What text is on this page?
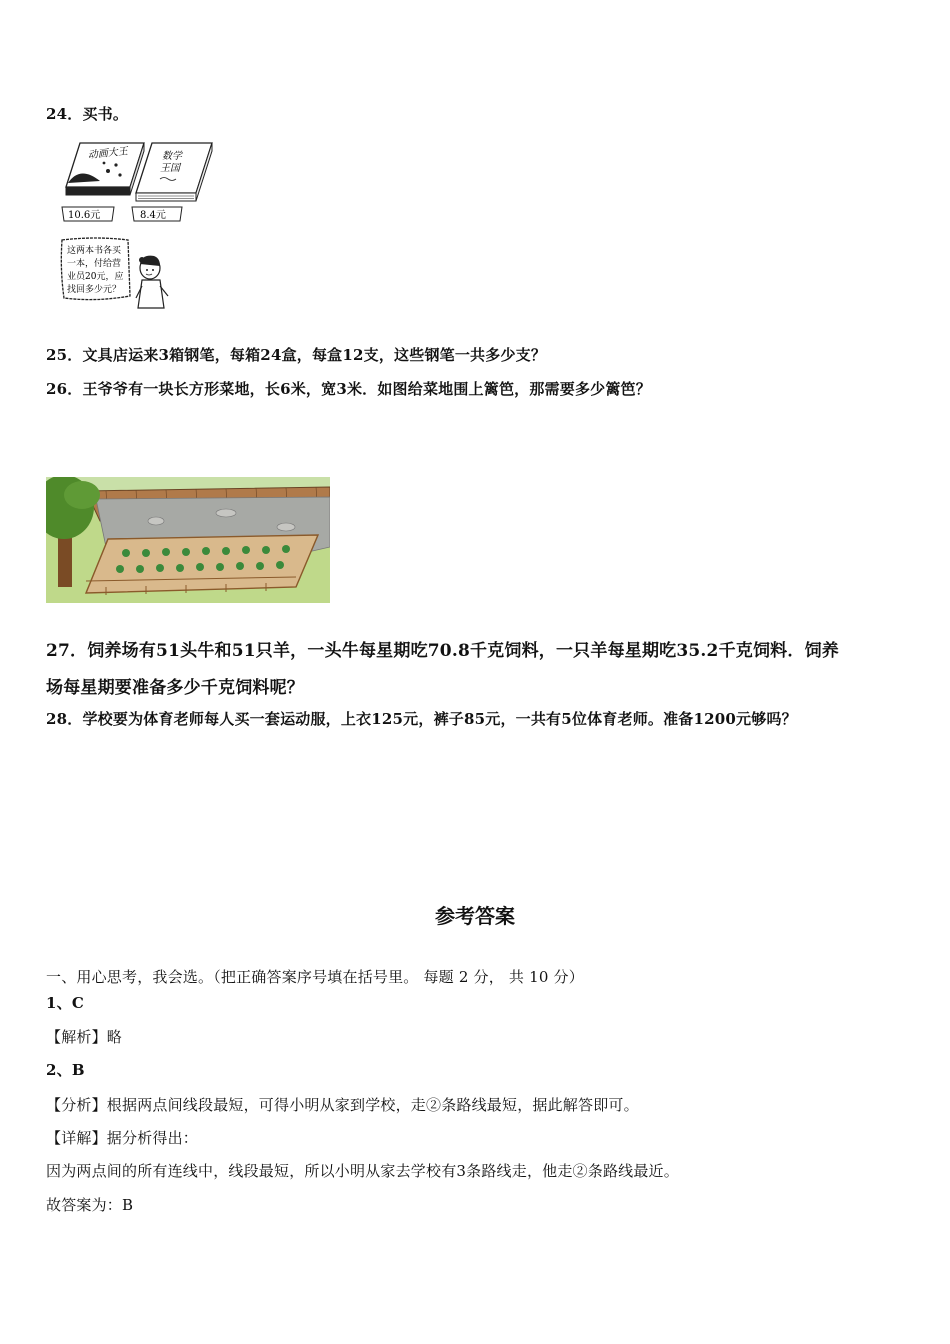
24．买书。
动画大王	数学
王国
10.6元	8.4元
这两本书各买
一本，付给营
业员20元，应
找回多少元？
25．文具店运来3箱钢笔，每箱24盒，每盒12支，这些钢笔一共多少支？
26．王爷爷有一块长方形菜地，长6米，宽3米．如图给菜地围上篱笆，那需要多少篱笆？
27．饲养场有51头牛和51只羊，一头牛每星期吃70.8千克饲料，一只羊每星期吃35.2千克饲料．饲养
场每星期要准备多少千克饲料呢？
28．学校要为体育老师每人买一套运动服，上衣125元，裤子85元，一共有5位体育老师。准备1200元够吗？
参考答案
一、用心思考，我会选。（把正确答案序号填在括号里。 每题 2 分， 共 10 分）
1、C
【解析】略
2、B
【分析】根据两点间线段最短，可得小明从家到学校，走②条路线最短，据此解答即可。
【详解】据分析得出：
因为两点间的所有连线中，线段最短，所以小明从家去学校有3条路线走，他走②条路线最近。
故答案为：B
